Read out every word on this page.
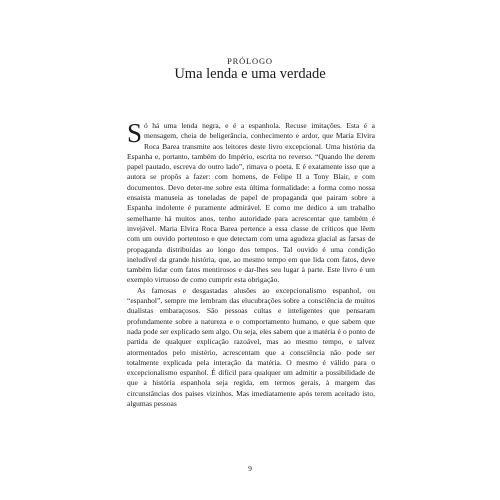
PRÓLOGO
Uma lenda e uma verdade

Só há uma lenda negra, e é a espanhola. Recuse imitações. Esta é a mensagem, cheia de beligerância, conhecimento e ardor, que Maria Elvira Roca Barea transmite aos leitores deste livro excepcional. Uma história da Espanha e, portanto, também do Império, escrita no reverso. “Quando lhe derem papel pautado, escreva do outro lado”, rimava o poeta. E é exatamente isso que a autora se propôs a fazer: com homens, de Felipe II a Tony Blair, e com documentos. Devo deter-me sobre esta última formalidade: a forma como nossa ensaísta manuseia as toneladas de papel de propaganda que pairam sobre a Espanha indolente é puramente admirável. E como me dedico a um trabalho semelhante há muitos anos, tenho autoridade para acrescentar que também é invejável. Maria Elvira Roca Barea pertence a essa classe de críticos que lêem com um ouvido portentoso e que detectam com uma agudeza glacial as farsas de propaganda distribuídas ao longo dos tempos. Tal ouvido é uma condição ineludível da grande história, que, ao mesmo tempo em que lida com fatos, deve também lidar com fatos mentirosos e dar-lhes seu lugar à parte. Este livro é um exemplo virtuoso de como cumprir esta obrigação.

As famosas e desgastadas alusões ao excepcionalismo espanhol, ou “espanhol”, sempre me lembram das elucubrações sobre a consciência de muitos dualistas embaraçosos. São pessoas cultas e inteligentes que pensaram profundamente sobre a natureza e o comportamento humano, e que sabem que nada pode ser explicado sem algo. Ou seja, eles sabem que a matéria é o ponto de partida de qualquer explicação razoável, mas ao mesmo tempo, e talvez atormentados pelo mistério, acrescentam que a consciência não pode ser totalmente explicada pela interação da matéria. O mesmo é válido para o excepcionalismo espanhol. É difícil para qualquer um admitir a possibilidade de que a história espanhola seja regida, em termos gerais, à margem das circunstâncias dos países vizinhos. Mas imediatamente após terem aceitado isto, algumas pessoas

9
